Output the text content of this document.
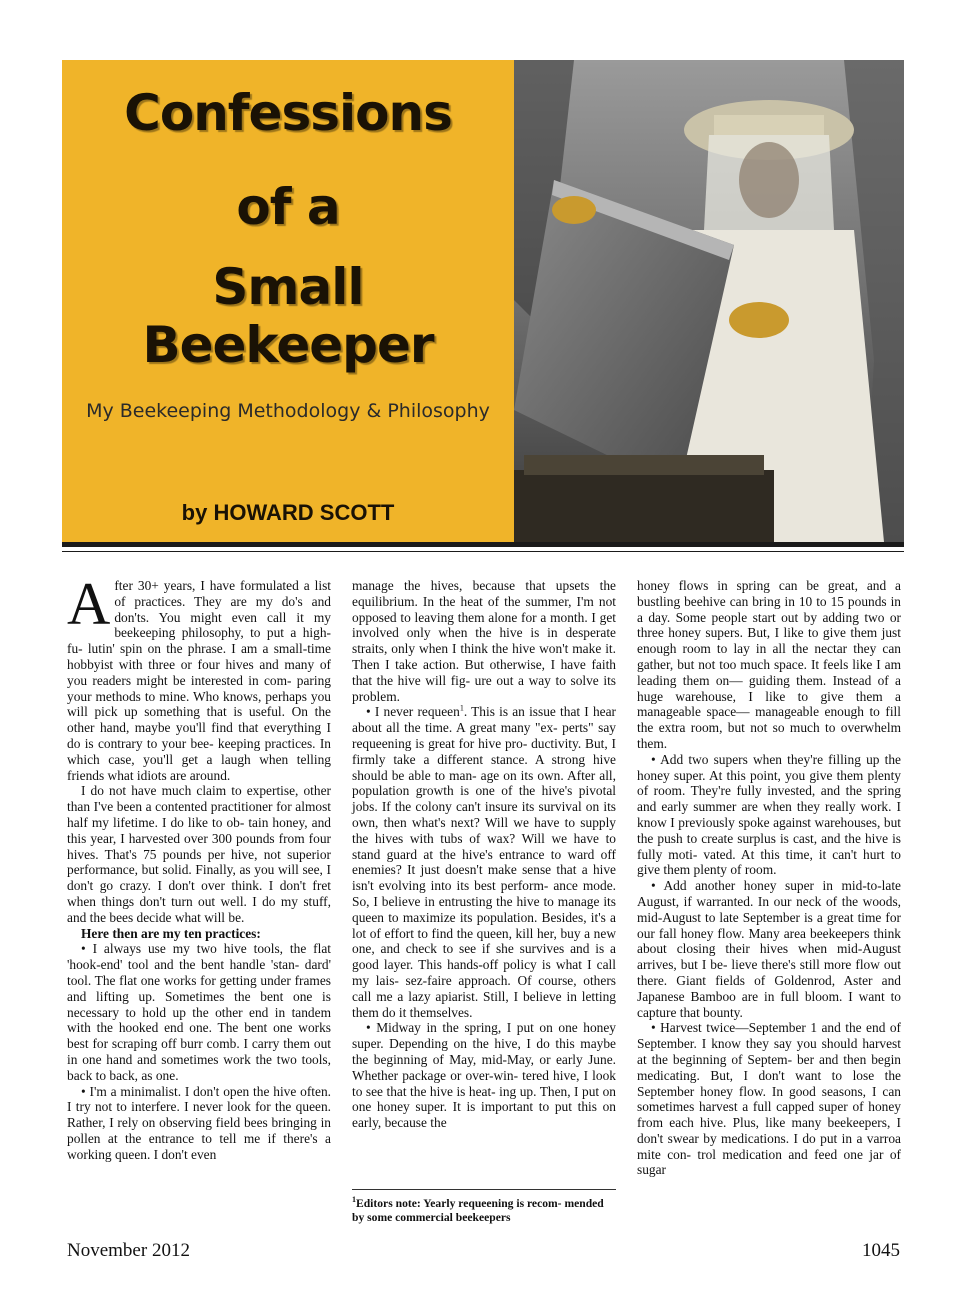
Confessions
of a
Small Beekeeper
My Beekeeping Methodology & Philosophy
by HOWARD SCOTT

After 30+ years, I have formulated a list of practices. They are my do's and don'ts. You might even call it my beekeeping philosophy, to put a high-fu- lutin' spin on the phrase. I am a small-time hobbyist with three or four hives and many of you readers might be interested in com- paring your methods to mine. Who knows, perhaps you will pick up something that is useful. On the other hand, maybe you'll find that everything I do is contrary to your bee- keeping practices. In which case, you'll get a laugh when telling friends what idiots are around.

I do not have much claim to expertise, other than I've been a contented practitioner for almost half my lifetime. I do like to ob- tain honey, and this year, I harvested over 300 pounds from four hives. That's 75 pounds per hive, not superior performance, but solid. Finally, as you will see, I don't go crazy. I don't over think. I don't fret when things don't turn out well. I do my stuff, and the bees decide what will be.

Here then are my ten practices:

• I always use my two hive tools, the flat 'hook-end' tool and the bent handle 'stan- dard' tool. The flat one works for getting under frames and lifting up. Sometimes the bent one is necessary to hold up the other end in tandem with the hooked end one. The bent one works best for scraping off burr comb. I carry them out in one hand and sometimes work the two tools, back to back, as one.

• I'm a minimalist. I don't open the hive often. I try not to interfere. I never look for the queen. Rather, I rely on observing field bees bringing in pollen at the entrance to tell me if there's a working queen. I don't even

manage the hives, because that upsets the equilibrium. In the heat of the summer, I'm not opposed to leaving them alone for a month. I get involved only when the hive is in desperate straits, only when I think the hive won't make it. Then I take action. But otherwise, I have faith that the hive will fig- ure out a way to solve its problem.

• I never requeen$^1$. This is an issue that I hear about all the time. A great many "ex- perts" say requeening is great for hive pro- ductivity. But, I firmly take a different stance. A strong hive should be able to man- age on its own. After all, population growth is one of the hive's pivotal jobs. If the colony can't insure its survival on its own, then what's next? Will we have to supply the hives with tubs of wax? Will we have to stand guard at the hive's entrance to ward off enemies? It just doesn't make sense that a hive isn't evolving into its best perform- ance mode. So, I believe in entrusting the hive to manage its queen to maximize its population. Besides, it's a lot of effort to find the queen, kill her, buy a new one, and check to see if she survives and is a good layer. This hands-off policy is what I call my lais- sez-faire approach. Of course, others call me a lazy apiarist. Still, I believe in letting them do it themselves.

• Midway in the spring, I put on one honey super. Depending on the hive, I do this maybe the beginning of May, mid-May, or early June. Whether package or over-win- tered hive, I look to see that the hive is heat- ing up. Then, I put on one honey super. It is important to put this on early, because the

$^1$Editors note: Yearly requeening is recom- mended by some commercial beekeepers

honey flows in spring can be great, and a bustling beehive can bring in 10 to 15 pounds in a day. Some people start out by adding two or three honey supers. But, I like to give them just enough room to lay in all the nectar they can gather, but not too much space. It feels like I am leading them on— guiding them. Instead of a huge warehouse, I like to give them a manageable space— manageable enough to fill the extra room, but not so much to overwhelm them.

• Add two supers when they're filling up the honey super. At this point, you give them plenty of room. They're fully invested, and the spring and early summer are when they really work. I know I previously spoke against warehouses, but the push to create surplus is cast, and the hive is fully moti- vated. At this time, it can't hurt to give them plenty of room.

• Add another honey super in mid-to-late August, if warranted. In our neck of the woods, mid-August to late September is a great time for our fall honey flow. Many area beekeepers think about closing their hives when mid-August arrives, but I be- lieve there's still more flow out there. Giant fields of Goldenrod, Aster and Japanese Bamboo are in full bloom. I want to capture that bounty.

• Harvest twice—September 1 and the end of September. I know they say you should harvest at the beginning of Septem- ber and then begin medicating. But, I don't want to lose the September honey flow. In good seasons, I can sometimes harvest a full capped super of honey from each hive. Plus, like many beekeepers, I don't swear by medications. I do put in a varroa mite con- trol medication and feed one jar of sugar

November 2012	1045
